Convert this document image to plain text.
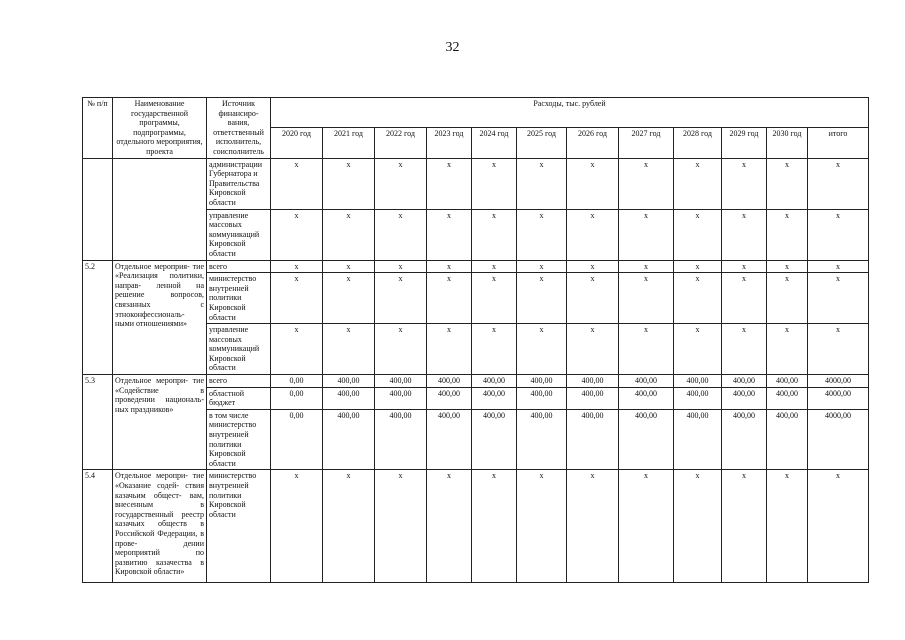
32
№ п/п	Наименование государственной программы, подпрограммы, отдельного мероприятия, проекта	Источник финансиро- вания, ответственный исполнитель, соисполнитель	Расходы, тыс. рублей											
			2020 год	2021 год	2022 год	2023 год	2024 год	2025 год	2026 год	2027 год	2028 год	2029 год	2030 год	итого
		администрации Губернатора и Правительства Кировской области	x	x	x	x	x	x	x	x	x	x	x	x
		управление массовых коммуникаций Кировской области	x	x	x	x	x	x	x	x	x	x	x	x
5.2	Отдельное мероприя- тие «Реализация политики, направ- ленной на решение вопросов, связанных с этноконфессиональ- ными отношениями»	всего	x	x	x	x	x	x	x	x	x	x	x	x
		министерство внутренней политики Кировской области	x	x	x	x	x	x	x	x	x	x	x	x
		управление массовых коммуникаций Кировской области	x	x	x	x	x	x	x	x	x	x	x	x
5.3	Отдельное меропри- тие «Содействие в проведении националь- ных праздников»	всего	0,00	400,00	400,00	400,00	400,00	400,00	400,00	400,00	400,00	400,00	400,00	4000,00
		областной бюджет	0,00	400,00	400,00	400,00	400,00	400,00	400,00	400,00	400,00	400,00	400,00	4000,00
		в том числе министерство внутренней политики Кировской области	0,00	400,00	400,00	400,00	400,00	400,00	400,00	400,00	400,00	400,00	400,00	4000,00
5.4	Отдельное меропри- тие «Оказание содей- ствия казачьим общест- вам, внесенным в государственный реестр казачьих обществ в Российской Федерации, в прове- дении мероприятий по развитию казачества в Кировской области»	министерство внутренней политики Кировской области	x	x	x	x	x	x	x	x	x	x	x	x
